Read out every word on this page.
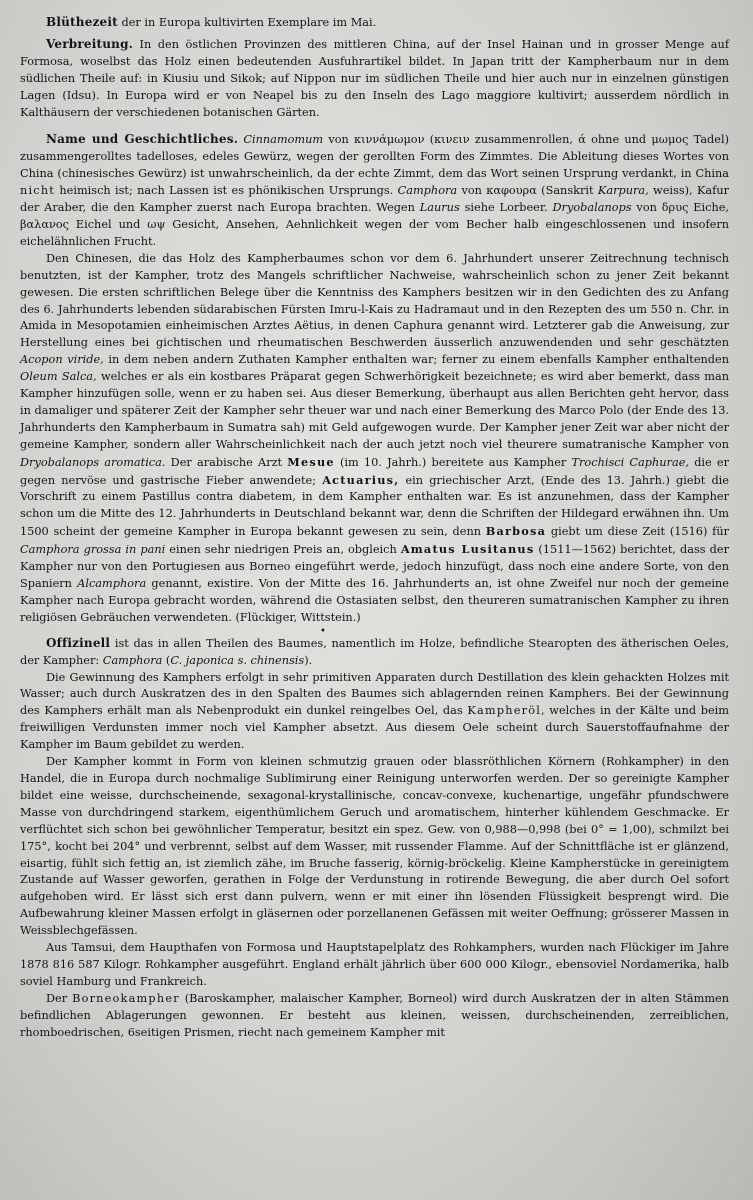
Blüthezeit der in Europa kultivirten Exemplare im Mai.

Verbreitung. In den östlichen Provinzen des mittleren China, auf der Insel Hainan und in grosser Menge auf Formosa, woselbst das Holz einen bedeutenden Ausfuhrartikel bildet. In Japan tritt der Kampherbaum nur in dem südlichen Theile auf: in Kiusiu und Sikok; auf Nippon nur im südlichen Theile und hier auch nur in einzelnen günstigen Lagen (Idsu). In Europa wird er von Neapel bis zu den Inseln des Lago maggiore kultivirt; ausserdem nördlich in Kalthäusern der verschiedenen botanischen Gärten.

Name und Geschichtliches. Cinnamomum von κιννάμωμον (κινειν zusammenrollen, ά ohne und μωμος Tadel) zusammengerolltes tadelloses, edeles Gewürz, wegen der gerollten Form des Zimmtes. Die Ableitung dieses Wortes von China (chinesisches Gewürz) ist unwahrscheinlich, da der echte Zimmt, dem das Wort seinen Ursprung verdankt, in China nicht heimisch ist; nach Lassen ist es phönikischen Ursprungs. Camphora von καφουρα (Sanskrit Karpura, weiss), Kafur der Araber, die den Kampher zuerst nach Europa brachten. Wegen Laurus siehe Lorbeer. Dryobalanops von δρυς Eiche, βαλανος Eichel und ωψ Gesicht, Ansehen, Aehnlichkeit wegen der vom Becher halb eingeschlossenen und insofern eichelähnlichen Frucht.

Den Chinesen, die das Holz des Kampherbaumes schon vor dem 6. Jahrhundert unserer Zeitrechnung technisch benutzten, ist der Kampher, trotz des Mangels schriftlicher Nachweise, wahrscheinlich schon zu jener Zeit bekannt gewesen. Die ersten schriftlichen Belege über die Kenntniss des Kamphers besitzen wir in den Gedichten des zu Anfang des 6. Jahrhunderts lebenden südarabischen Fürsten Imru-l-Kais zu Hadramaut und in den Rezepten des um 550 n. Chr. in Amida in Mesopotamien einheimischen Arztes Aëtius, in denen Caphura genannt wird. Letzterer gab die Anweisung, zur Herstellung eines bei gichtischen und rheumatischen Beschwerden äusserlich anzuwendenden und sehr geschätzten Acopon viride, in dem neben andern Zuthaten Kampher enthalten war; ferner zu einem ebenfalls Kampher enthaltenden Oleum Salca, welches er als ein kostbares Präparat gegen Schwerhörigkeit bezeichnete; es wird aber bemerkt, dass man Kampher hinzufügen solle, wenn er zu haben sei. Aus dieser Bemerkung, überhaupt aus allen Berichten geht hervor, dass in damaliger und späterer Zeit der Kampher sehr theuer war und nach einer Bemerkung des Marco Polo (der Ende des 13. Jahrhunderts den Kampherbaum in Sumatra sah) mit Geld aufgewogen wurde. Der Kampher jener Zeit war aber nicht der gemeine Kampher, sondern aller Wahrscheinlichkeit nach der auch jetzt noch viel theurere sumatranische Kampher von Dryobalanops aromatica. Der arabische Arzt Mesue (im 10. Jahrh.) bereitete aus Kampher Trochisci Caphurae, die er gegen nervöse und gastrische Fieber anwendete; Actuarius, ein griechischer Arzt, (Ende des 13. Jahrh.) giebt die Vorschrift zu einem Pastillus contra diabetem, in dem Kampher enthalten war. Es ist anzunehmen, dass der Kampher schon um die Mitte des 12. Jahrhunderts in Deutschland bekannt war, denn die Schriften der Hildegard erwähnen ihn. Um 1500 scheint der gemeine Kampher in Europa bekannt gewesen zu sein, denn Barbosa giebt um diese Zeit (1516) für Camphora grossa in pani einen sehr niedrigen Preis an, obgleich Amatus Lusitanus (1511—1562) berichtet, dass der Kampher nur von den Portugiesen aus Borneo eingeführt werde, jedoch hinzufügt, dass noch eine andere Sorte, von den Spaniern Alcamphora genannt, existire. Von der Mitte des 16. Jahrhunderts an, ist ohne Zweifel nur noch der gemeine Kampher nach Europa gebracht worden, während die Ostasiaten selbst, den theureren sumatranischen Kampher zu ihren religiösen Gebräuchen verwendeten. (Flückiger, Wittstein.)

•

Offizinell ist das in allen Theilen des Baumes, namentlich im Holze, befindliche Stearopten des ätherischen Oeles, der Kampher: Camphora (C. japonica s. chinensis).

Die Gewinnung des Kamphers erfolgt in sehr primitiven Apparaten durch Destillation des klein gehackten Holzes mit Wasser; auch durch Auskratzen des in den Spalten des Baumes sich ablagernden reinen Kamphers. Bei der Gewinnung des Kamphers erhält man als Nebenprodukt ein dunkel reingelbes Oel, das Kampheröl, welches in der Kälte und beim freiwilligen Verdunsten immer noch viel Kampher absetzt. Aus diesem Oele scheint durch Sauerstoffaufnahme der Kampher im Baum gebildet zu werden.

Der Kampher kommt in Form von kleinen schmutzig grauen oder blassröthlichen Körnern (Rohkampher) in den Handel, die in Europa durch nochmalige Sublimirung einer Reinigung unterworfen werden. Der so gereinigte Kampher bildet eine weisse, durchscheinende, sexagonal-krystallinische, concav-convexe, kuchenartige, ungefähr pfundschwere Masse von durchdringend starkem, eigenthümlichem Geruch und aromatischem, hinterher kühlendem Geschmacke. Er verflüchtet sich schon bei gewöhnlicher Temperatur, besitzt ein spez. Gew. von 0,988—0,998 (bei 0° = 1,00), schmilzt bei 175°, kocht bei 204° und verbrennt, selbst auf dem Wasser, mit russender Flamme. Auf der Schnittfläche ist er glänzend, eisartig, fühlt sich fettig an, ist ziemlich zähe, im Bruche fasserig, körnig-bröckelig. Kleine Kampherstücke in gereinigtem Zustande auf Wasser geworfen, gerathen in Folge der Verdunstung in rotirende Bewegung, die aber durch Oel sofort aufgehoben wird. Er lässt sich erst dann pulvern, wenn er mit einer ihn lösenden Flüssigkeit besprengt wird. Die Aufbewahrung kleiner Massen erfolgt in gläsernen oder porzellanenen Gefässen mit weiter Oeffnung; grösserer Massen in Weissblechgefässen.

Aus Tamsui, dem Haupthafen von Formosa und Hauptstapelplatz des Rohkamphers, wurden nach Flückiger im Jahre 1878 816 587 Kilogr. Rohkampher ausgeführt. England erhält jährlich über 600 000 Kilogr., ebensoviel Nordamerika, halb soviel Hamburg und Frankreich.

Der Borneokampher (Baroskampher, malaischer Kampher, Borneol) wird durch Auskratzen der in alten Stämmen befindlichen Ablagerungen gewonnen. Er besteht aus kleinen, weissen, durchscheinenden, zerreiblichen, rhomboedrischen, 6seitigen Prismen, riecht nach gemeinem Kampher mit
